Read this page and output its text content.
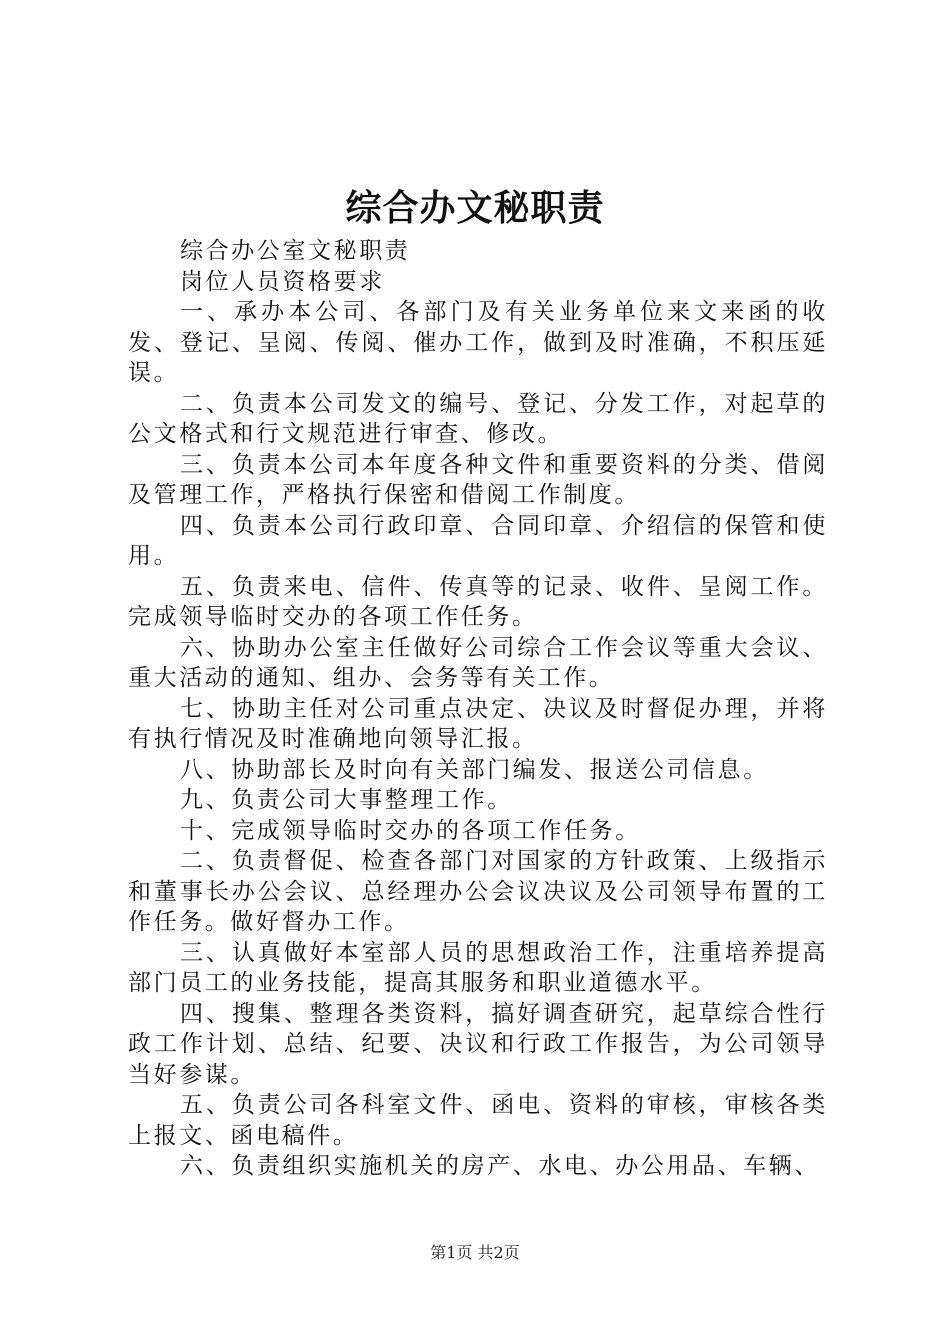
综合办文秘职责

综合办公室文秘职责

岗位人员资格要求

一、承办本公司、各部门及有关业务单位来文来函的收发、登记、呈阅、传阅、催办工作，做到及时准确，不积压延误。

二、负责本公司发文的编号、登记、分发工作，对起草的公文格式和行文规范进行审查、修改。

三、负责本公司本年度各种文件和重要资料的分类、借阅及管理工作，严格执行保密和借阅工作制度。

四、负责本公司行政印章、合同印章、介绍信的保管和使用。

五、负责来电、信件、传真等的记录、收件、呈阅工作。完成领导临时交办的各项工作任务。

六、协助办公室主任做好公司综合工作会议等重大会议、重大活动的通知、组办、会务等有关工作。

七、协助主任对公司重点决定、决议及时督促办理，并将有执行情况及时准确地向领导汇报。

八、协助部长及时向有关部门编发、报送公司信息。

九、负责公司大事整理工作。

十、完成领导临时交办的各项工作任务。

二、负责督促、检查各部门对国家的方针政策、上级指示和董事长办公会议、总经理办公会议决议及公司领导布置的工作任务。做好督办工作。

三、认真做好本室部人员的思想政治工作，注重培养提高部门员工的业务技能，提高其服务和职业道德水平。

四、搜集、整理各类资料，搞好调查研究，起草综合性行政工作计划、总结、纪要、决议和行政工作报告，为公司领导当好参谋。

五、负责公司各科室文件、函电、资料的审核，审核各类上报文、函电稿件。

六、负责组织实施机关的房产、水电、办公用品、车辆、

第1页 共2页
